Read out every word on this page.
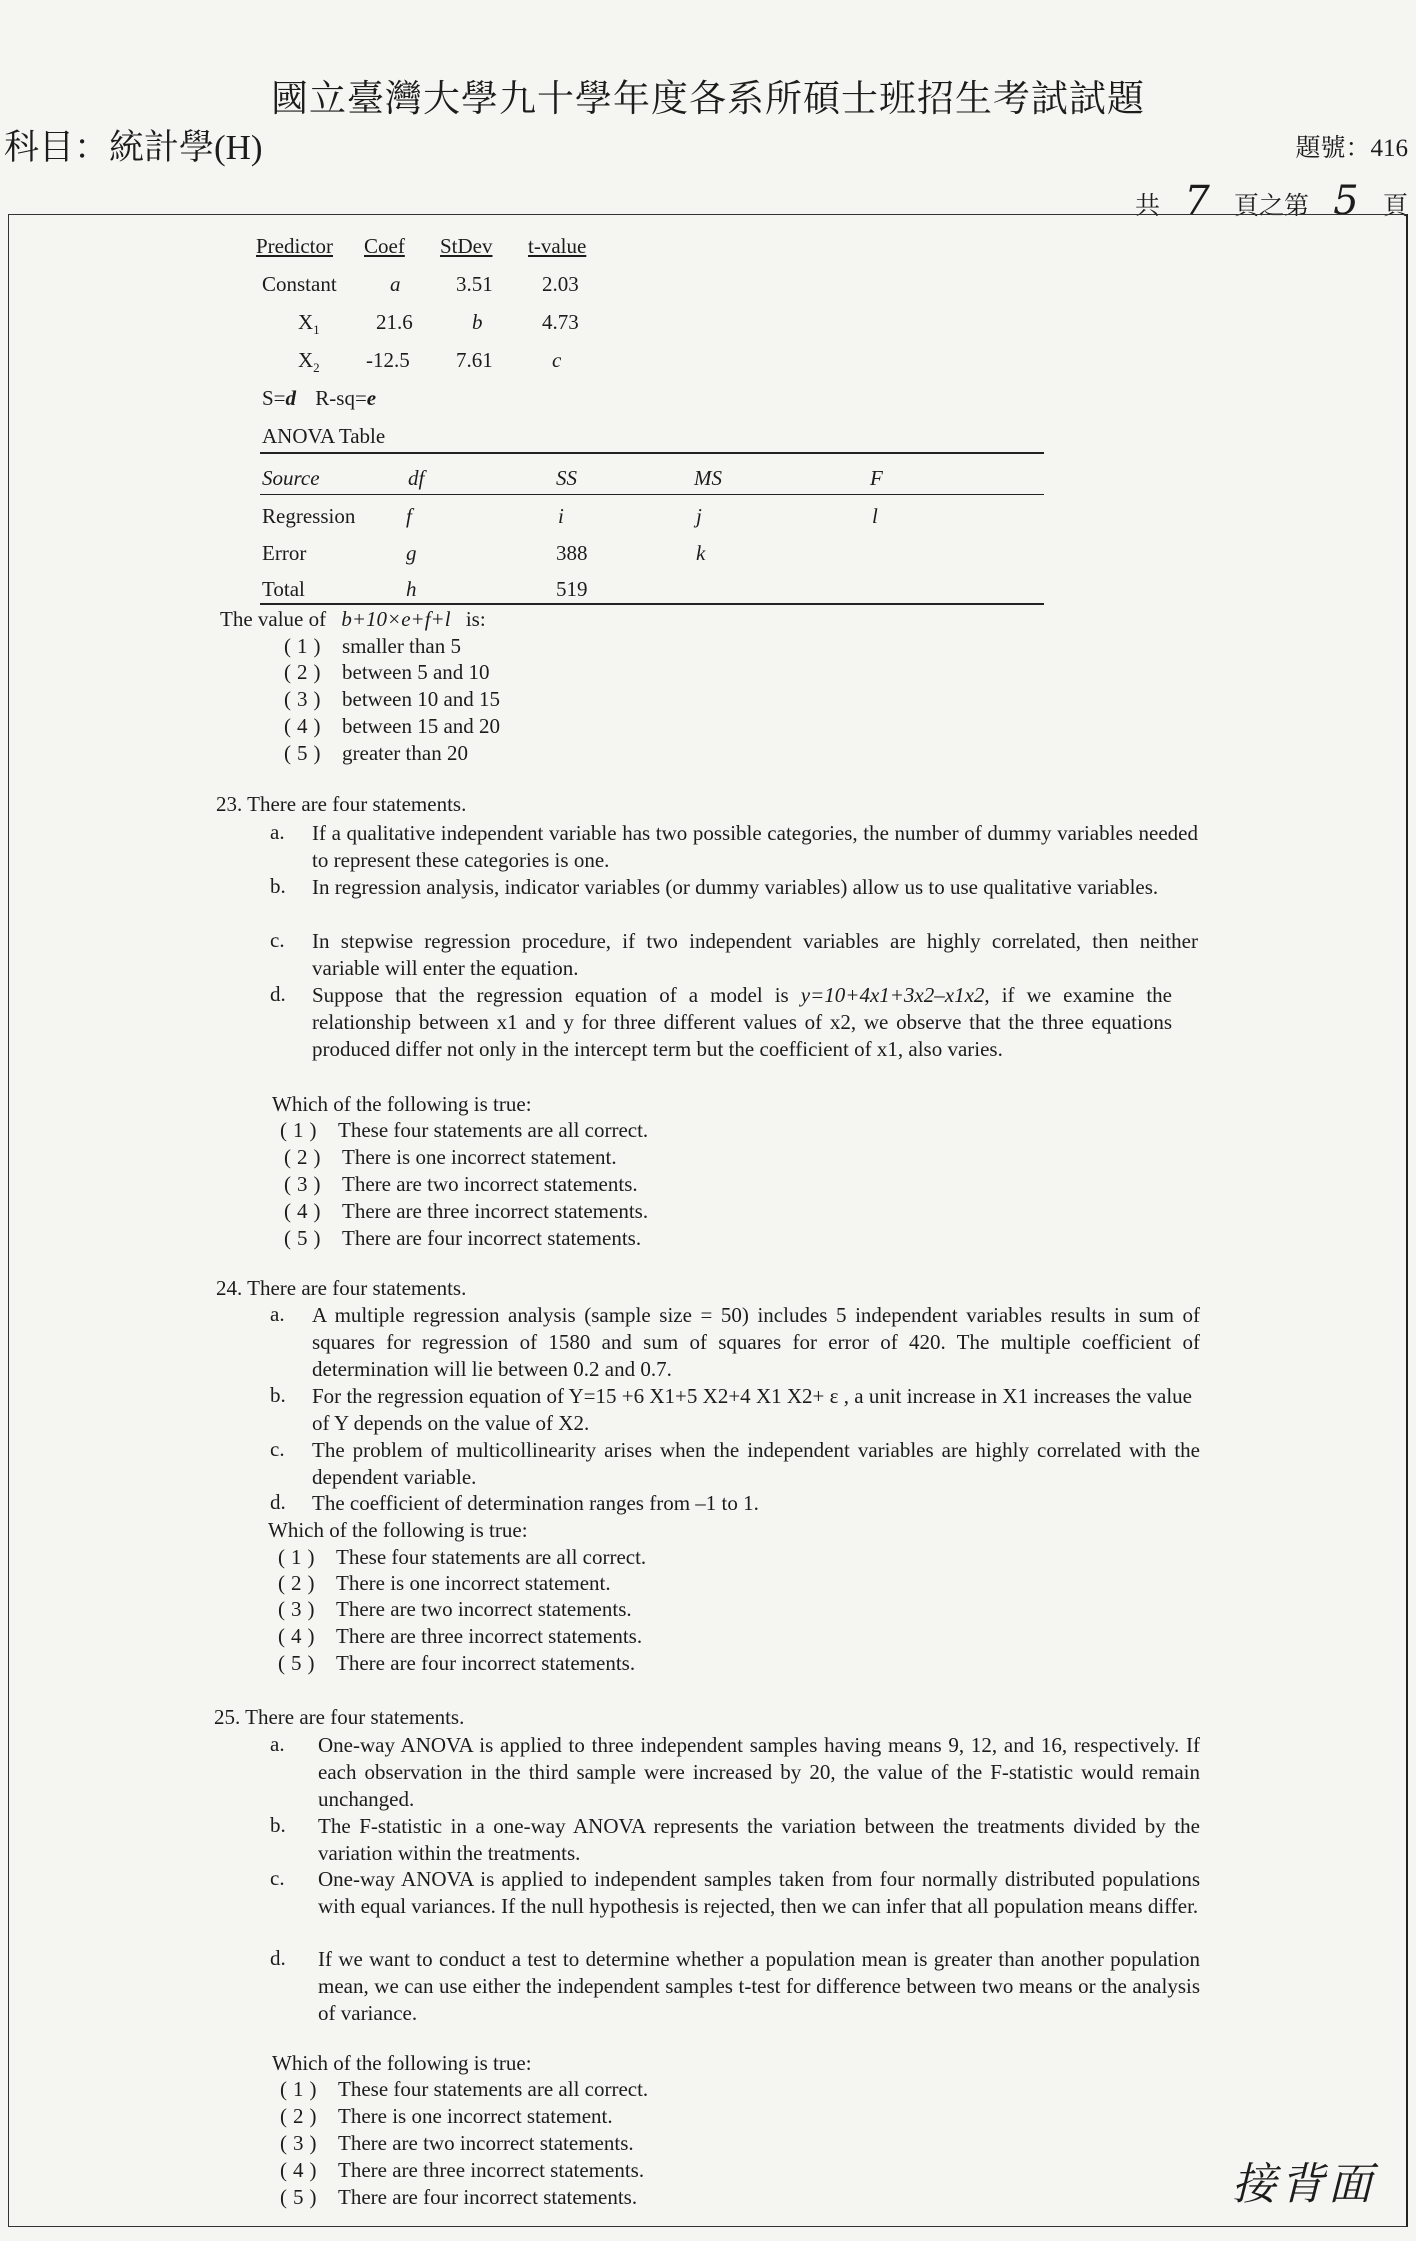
國立臺灣大學九十學年度各系所碩士班招生考試試題
科目：統計學(H)	題號：416
共 7 頁之第 5 頁
Predictor Coef StDev t-value
Constant	a	3.51 2.03
$X_1$	21.6	b	4.73
$X_2$ -12.5 7.61	c
S=d R-sq=e
ANOVA Table
Source	df	SS	MS	F
Regression f	i	j	l
Error	g	388	k
Total	h	519
The value of b+10×e+f+l is:
(1) smaller than 5
(2) between 5 and 10
(3) between 10 and 15
(4) between 15 and 20
(5) greater than 20
23. There are four statements.
a. If a qualitative independent variable has two possible categories, the number of dummy variables needed to represent these categories is one.
b. In regression analysis, indicator variables (or dummy variables) allow us to use qualitative variables.
c. In stepwise regression procedure, if two independent variables are highly correlated, then neither variable will enter the equation.
d. Suppose that the regression equation of a model is y=10+4x1+3x2–x1x2, if we examine the relationship between x1 and y for three different values of x2, we observe that the three equations produced differ not only in the intercept term but the coefficient of x1, also varies.
Which of the following is true:
(1) These four statements are all correct.
(2) There is one incorrect statement.
(3) There are two incorrect statements.
(4) There are three incorrect statements.
(5) There are four incorrect statements.
24. There are four statements.
a. A multiple regression analysis (sample size = 50) includes 5 independent variables results in sum of squares for regression of 1580 and sum of squares for error of 420. The multiple coefficient of determination will lie between 0.2 and 0.7.
b. For the regression equation of Y=15 +6 X1+5 X2+4 X1 X2+ ε , a unit increase in X1 increases the value of Y depends on the value of X2.
c. The problem of multicollinearity arises when the independent variables are highly correlated with the dependent variable.
d. The coefficient of determination ranges from –1 to 1.
Which of the following is true:
(1) These four statements are all correct.
(2) There is one incorrect statement.
(3) There are two incorrect statements.
(4) There are three incorrect statements.
(5) There are four incorrect statements.
25. There are four statements.
a. One-way ANOVA is applied to three independent samples having means 9, 12, and 16, respectively. If each observation in the third sample were increased by 20, the value of the F-statistic would remain unchanged.
b. The F-statistic in a one-way ANOVA represents the variation between the treatments divided by the variation within the treatments.
c. One-way ANOVA is applied to independent samples taken from four normally distributed populations with equal variances. If the null hypothesis is rejected, then we can infer that all population means differ.
d. If we want to conduct a test to determine whether a population mean is greater than another population mean, we can use either the independent samples t-test for difference between two means or the analysis of variance.
Which of the following is true:
(1) These four statements are all correct.
(2) There is one incorrect statement.
(3) There are two incorrect statements.
(4) There are three incorrect statements.
(5) There are four incorrect statements.	接背面
